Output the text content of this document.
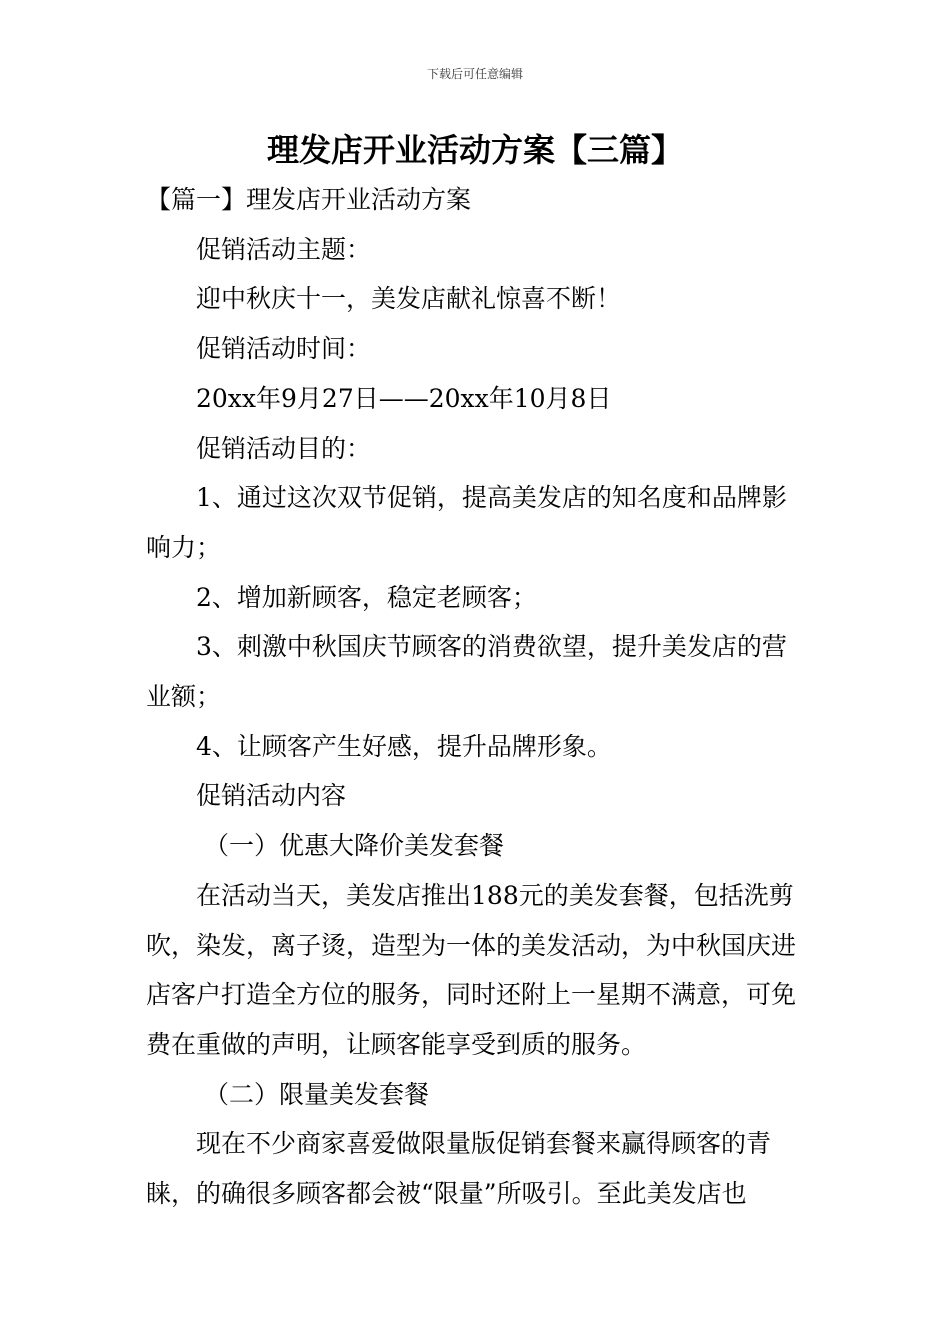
下载后可任意编辑
理发店开业活动方案【三篇】

【篇一】理发店开业活动方案

促销活动主题：

迎中秋庆十一，美发店献礼惊喜不断！

促销活动时间：

20xx年9月27日——20xx年10月8日

促销活动目的：

1、通过这次双节促销，提高美发店的知名度和品牌影响力；

2、增加新顾客，稳定老顾客；

3、刺激中秋国庆节顾客的消费欲望，提升美发店的营业额；

4、让顾客产生好感，提升品牌形象。

促销活动内容

（一）优惠大降价美发套餐

在活动当天，美发店推出188元的美发套餐，包括洗剪吹，染发，离子烫，造型为一体的美发活动，为中秋国庆进店客户打造全方位的服务，同时还附上一星期不满意，可免费在重做的声明，让顾客能享受到质的服务。

（二）限量美发套餐

现在不少商家喜爱做限量版促销套餐来赢得顾客的青睐，的确很多顾客都会被“限量”所吸引。至此美发店也
